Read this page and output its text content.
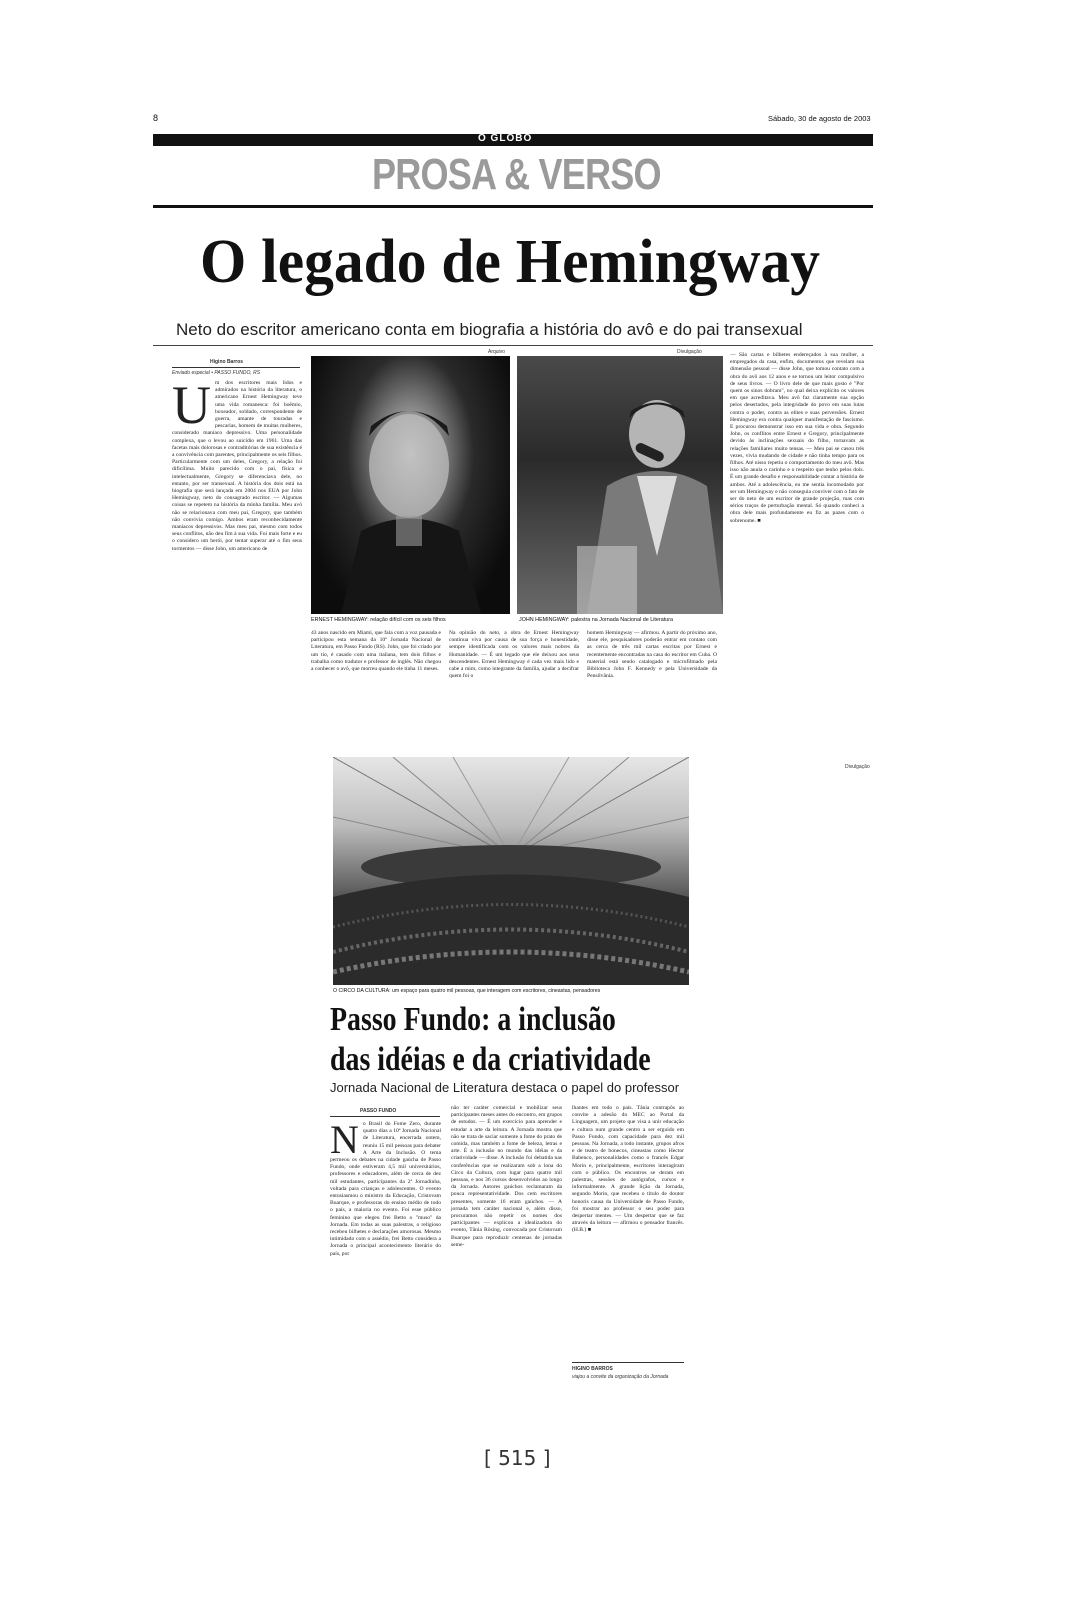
8	Sábado, 30 de agosto de 2003
O GLOBO
PROSA & VERSO
O legado de Hemingway
Neto do escritor americano conta em biografia a história do avô e do pai transexual
Higino Barros
Enviado especial • PASSO FUNDO, RS
U m dos escritores mais lidos e admirados na história da literatura, o americano Ernest Hemingway teve uma vida romanesca: foi boêmio, boxeador, soldado, correspondente de guerra, amante de touradas e pescarias, homem de muitas mulheres, considerado maníaco depressivo. Uma personalidade complexa, que o levou ao suicídio em 1961. Uma das facetas mais dolorosas e contraditórias de sua existência é a convivência com parentes, principalmente os seis filhos. Particularmente com um deles, Gregory, a relação foi dificílima. Muito parecido com o pai, física e intelectualmente, Gregory se diferenciava dele, no entanto, por ser transexual. A história dos dois está na biografia que será lançada em 2004 nos EUA por John Hemingway, neto do consagrado escritor. — Algumas coisas se repetem na história da minha família. Meu avô não se relacionava com meu pai, Gregory, que também não convivia comigo. Ambos eram reconhecidamente maníacos depressivos. Mas meu pai, mesmo com todos seus conflitos, não deu fim à sua vida. Foi mais forte e eu o considero um herói, por tentar superar até o fim seus tormentos — disse John, um americano de
Arquivo
ERNEST HEMINGWAY: relação difícil com os seis filhos
Divulgação
JOHN HEMINGWAY: palestra na Jornada Nacional de Literatura
43 anos nascido em Miami, que fala com a voz pausada e participou esta semana da 10ª Jornada Nacional de Literatura, em Passo Fundo (RS). John, que foi criado por um tio, é casado com uma italiana, tem dois filhos e trabalha como tradutor e professor de inglês. Não chegou a conhecer o avô, que morreu quando ele tinha 11 meses.
Na opinião do neto, a obra de Ernest Hemingway continua viva por causa de sua força e honestidade, sempre identificada com os valores mais nobres da Humanidade. — É um legado que ele deixou aos seus descendentes. Ernest Hemingway é cada vez mais lido e cabe a mim, como integrante da família, ajudar a decifrar quem foi o
homem Hemingway — afirmou. A partir do próximo ano, disse ele, pesquisadores poderão entrar em contato com as cerca de três mil cartas escritas por Ernest e recentemente encontradas na casa do escritor em Cuba. O material está sendo catalogado e microfilmado pela Biblioteca John F. Kennedy e pela Universidade da Pensilvânia.
— São cartas e bilhetes endereçados à sua mulher, a empregados da casa, enfim, documentos que revelam sua dimensão pessoal — disse John, que tomou contato com a obra do avô aos 12 anos e se tornou um leitor compulsivo de seus livros. — O livro dele de que mais gosto é "Por quem os sinos dobram", no qual deixa explícito os valores em que acreditava. Meu avô faz claramente sua opção pelos desertados, pela integridade do povo em suas lutas contra o poder, contra as elites e suas perversões. Ernest Hemingway era contra qualquer manifestação de fascismo. E procurou demonstrar isso em sua vida e obra. Segundo John, os conflitos entre Ernest e Gregory, principalmente devido às inclinações sexuais do filho, tornavam as relações familiares muito tensas. — Meu pai se casou três vezes, vivia mudando de cidade e não tinha tempo para os filhos. Até nisso repetiu o comportamento do meu avô. Mas isso não anula o carinho e o respeito que tenho pelos dois. É um grande desafio e responsabilidade contar a história de ambos. Até a adolescência, eu me sentia incomodado por ser um Hemingway e não conseguia conviver com o fato de ser do neto de um escritor de grande projeção, mas com sérios traços de perturbação mental. Só quando conheci a obra dele mais profundamente eu fiz as pazes com o sobrenome. ■
Divulgação
O CIRCO DA CULTURA: um espaço para quatro mil pessoas, que interagem com escritores, cineastas, pensadores
Passo Fundo: a inclusão
das idéias e da criatividade
Jornada Nacional de Literatura destaca o papel do professor
PASSO FUNDO
N o Brasil do Fome Zero, durante quatro dias a 10ª Jornada Nacional de Literatura, encerrada ontem, reuniu 15 mil pessoas para debater A Arte da Inclusão. O tema permeou os debates na cidade gaúcha de Passo Fundo, onde estiveram 4,5 mil universitários, professores e educadores, além de cerca de dez mil estudantes, participantes da 2ª Jornadinha, voltada para crianças e adolescentes. O evento entusiasmou o ministro da Educação, Cristovam Buarque, e professoras do ensino médio de todo o país, a maioria no evento. Foi esse público feminino que elegeu frei Betto o "muso" da Jornada. Em todas as suas palestras, o religioso recebeu bilhetes e declarações amorosas. Mesmo intimidado com o assédio, frei Betto considera a Jornada o principal acontecimento literário do país, por
não ter caráter comercial e mobilizar seus participantes meses antes do encontro, em grupos de estudos. — É um exercício para aprender e estudar a arte da leitura. A Jornada mostra que não se trata de saciar somente a fome do prato de comida, mas também a fome de beleza, letras e arte. É a inclusão no mundo das idéias e da criatividade — disse. A inclusão foi debatida nas conferências que se realizaram sob a lona do Circo da Cultura, com lugar para quatro mil pessoas, e nos 36 cursos desenvolvidos ao longo da Jornada. Autores gaúchos reclamaram da pouca representatividade. Dos cem escritores presentes, somente 16 eram gaúchos. — A jornada tem caráter nacional e, além disso, procuramos não repetir os nomes dos participantes — explicou a idealizadora do evento, Tânia Rösing, convocada por Cristovam Buarque para reproduzir centenas de jornadas seme-
lhantes em todo o país. Tânia contrapôs ao convite a adesão do MEC ao Portal da Linguagem, um projeto que visa a unir educação e cultura num grande centro a ser erguido em Passo Fundo, com capacidade para dez mil pessoas. Na Jornada, a todo instante, grupos afros e de teatro de bonecos, cineastas como Hector Babenco, personalidades como o francês Edgar Morin e, principalmente, escritores interagiram com o público. Os encontros se deram em palestras, sessões de autógrafos, cursos e informalmente. A grande lição da Jornada, segundo Morin, que recebeu o título de doutor honoris causa da Universidade de Passo Fundo, foi mostrar ao professor o seu poder para despertar mentes. — Um despertar que se faz através da leitura — afirmou o pensador francês. (H.B.) ■
HIGINO BARROS
viajou a convite da organização da Jornada
[ 515 ]
